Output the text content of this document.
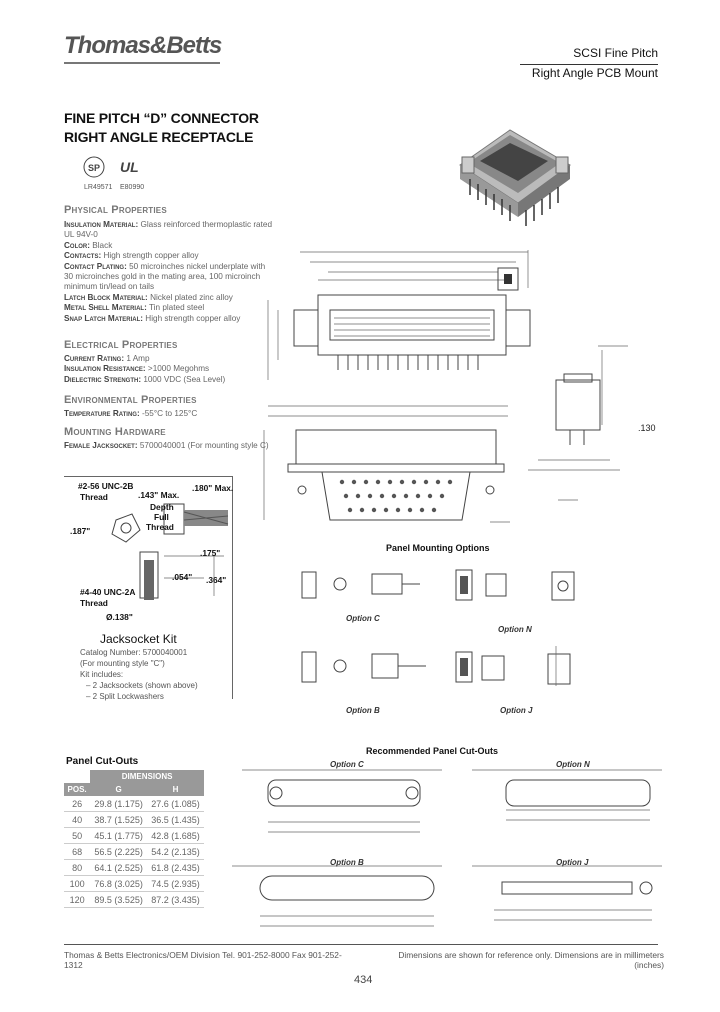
Thomas&Betts	SCSI Fine Pitch
Right Angle PCB Mount
FINE PITCH “D” CONNECTOR
RIGHT ANGLE RECEPTACLE
SP UL
LR49571 E80990
Physical Properties
Insulation Material: Glass reinforced thermoplastic rated UL 94V-0
Color: Black
Contacts: High strength copper alloy
Contact Plating: 50 microinches nickel underplate with 30 microinches gold in the mating area, 100 microinch minimum tin/lead on tails
Latch Block Material: Nickel plated zinc alloy
Metal Shell Material: Tin plated steel
Snap Latch Material: High strength copper alloy
Electrical Properties
Current Rating: 1 Amp
Insulation Resistance: >1000 Megohms
Dielectric Strength: 1000 VDC (Sea Level)
Environmental Properties
Temperature Rating: -55°C to 125°C
Mounting Hardware
Female Jacksocket: 5700040001 (For mounting style C)
.130
#2-56 UNC-2B
Thread	.143" Max.
.180" Max.
Depth
Full
Thread
.187"
.175"
.054" .364"
#4-40 UNC-2A
Thread
Ø.138"
Jacksocket Kit
Catalog Number: 5700040001
(For mounting style "C")
Kit includes:
– 2 Jacksockets (shown above)
– 2 Split Lockwashers
Panel Mounting Options
Option C
Option N
Option B	Option J
Recommended Panel Cut-Outs
Option C	Option N
Option B	Option J
Panel Cut-Outs
	DIMENSIONS	
POS.	G	H
26	29.8 (1.175)	27.6 (1.085)
40	38.7 (1.525)	36.5 (1.435)
50	45.1 (1.775)	42.8 (1.685)
68	56.5 (2.225)	54.2 (2.135)
80	64.1 (2.525)	61.8 (2.435)
100	76.8 (3.025)	74.5 (2.935)
120	89.5 (3.525)	87.2 (3.435)
Thomas & Betts Electronics/OEM Division Tel. 901-252-8000 Fax 901-252-1312
Dimensions are shown for reference only. Dimensions are in millimeters (inches)
434
